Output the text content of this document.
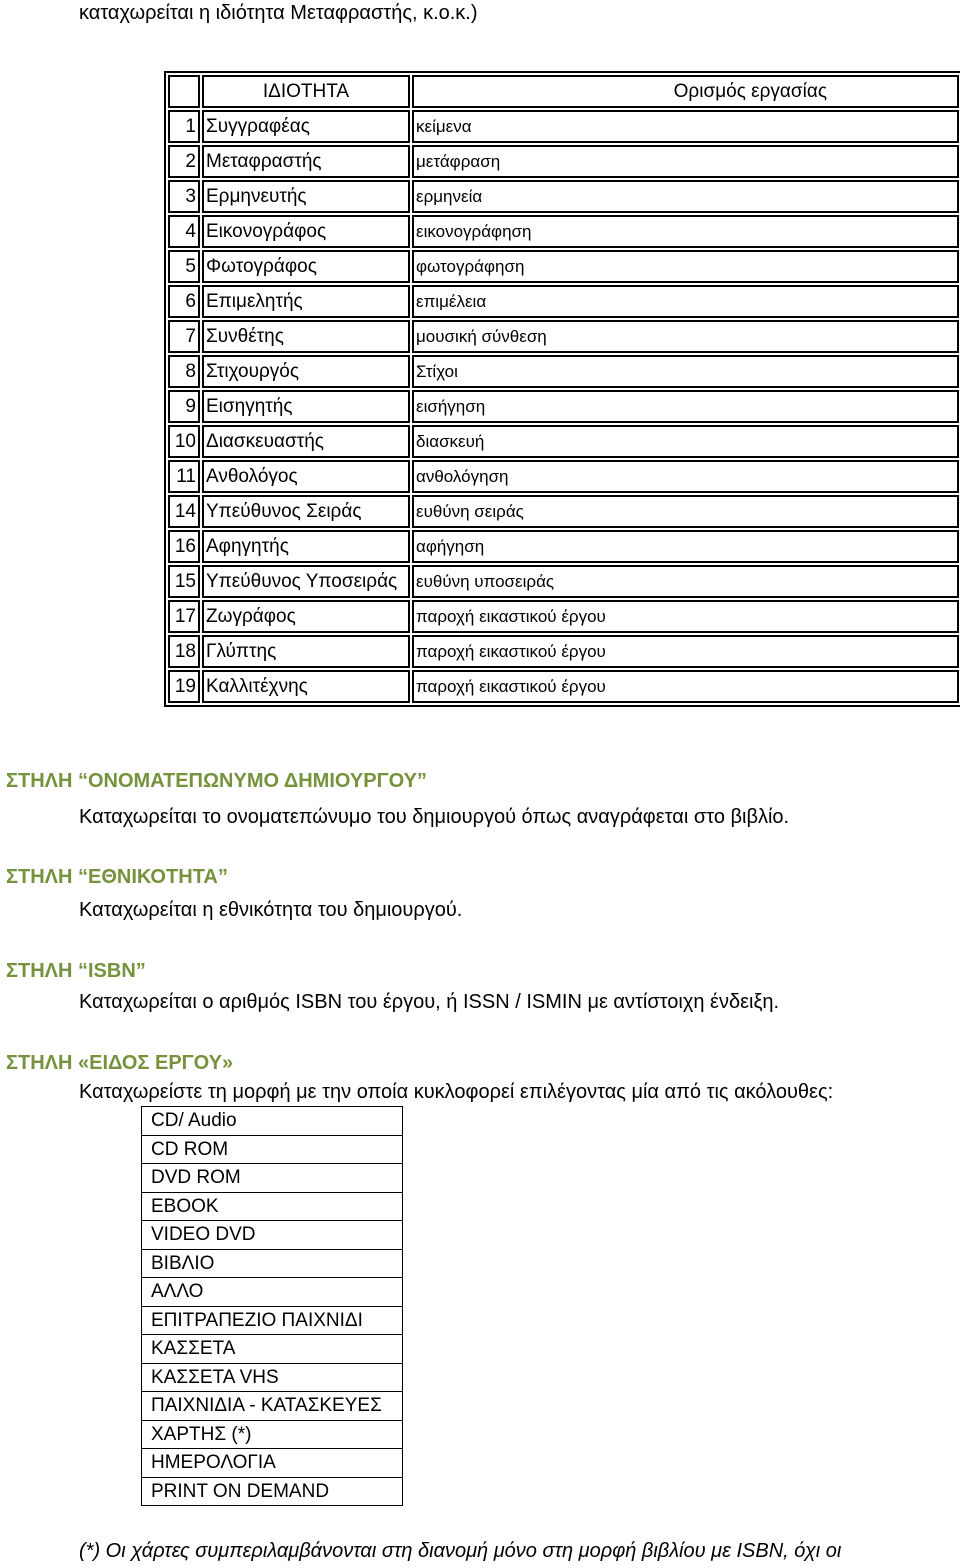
καταχωρείται η ιδιότητα Μεταφραστής, κ.ο.κ.)
	ΙΔΙΟΤΗΤΑ	Ορισμός εργασίας
1	Συγγραφέας	κείμενα
2	Μεταφραστής	μετάφραση
3	Ερμηνευτής	ερμηνεία
4	Εικονογράφος	εικονογράφηση
5	Φωτογράφος	φωτογράφηση
6	Επιμελητής	επιμέλεια
7	Συνθέτης	μουσική σύνθεση
8	Στιχουργός	Στίχοι
9	Εισηγητής	εισήγηση
10	Διασκευαστής	διασκευή
11	Ανθολόγος	ανθολόγηση
14	Υπεύθυνος Σειράς	ευθύνη σειράς
16	Αφηγητής	αφήγηση
15	Υπεύθυνος Υποσειράς	ευθύνη υποσειράς
17	Ζωγράφος	παροχή εικαστικού έργου
18	Γλύπτης	παροχή εικαστικού έργου
19	Καλλιτέχνης	παροχή εικαστικού έργου
ΣΤΗΛΗ “ΟΝΟΜΑΤΕΠΩΝΥΜΟ ΔΗΜΙΟΥΡΓΟΥ”
Καταχωρείται το ονοματεπώνυμο του δημιουργού όπως αναγράφεται στο βιβλίο.
ΣΤΗΛΗ “ΕΘΝΙΚΟΤΗΤΑ”
Καταχωρείται η εθνικότητα του δημιουργού.
ΣΤΗΛΗ “ISBN”
Καταχωρείται ο αριθμός ISBN του έργου, ή ISSN / ISMIN με αντίστοιχη ένδειξη.
ΣΤΗΛΗ «ΕΙΔΟΣ ΕΡΓΟΥ»
Καταχωρείστε τη μορφή με την οποία κυκλοφορεί επιλέγοντας μία από τις ακόλουθες:
CD/ Audio
CD ROM
DVD ROM
EBOOK
VIDEO DVD
ΒΙΒΛΙΟ
ΑΛΛΟ
ΕΠΙΤΡΑΠΕΖΙΟ ΠΑΙΧΝΙΔΙ
ΚΑΣΣΕΤΑ
ΚΑΣΣΕΤΑ VHS
ΠΑΙΧΝΙΔΙΑ - ΚΑΤΑΣΚΕΥΕΣ
ΧΑΡΤΗΣ (*)
ΗΜΕΡΟΛΟΓΙΑ
PRINT ON DEMAND
(*) Οι χάρτες συμπεριλαμβάνονται στη διανομή μόνο στη μορφή βιβλίου με ISBN, όχι οι
